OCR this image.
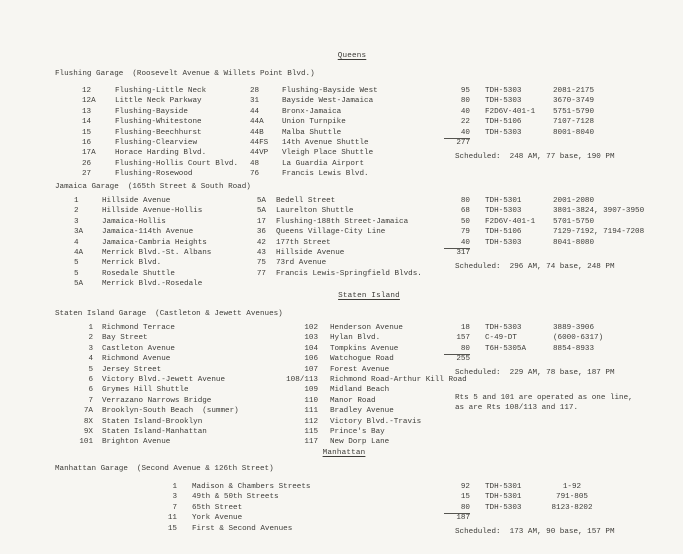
Queens
Staten Island
Manhattan
Flushing Garage (Roosevelt Avenue & Willets Point Blvd.)
12	Flushing-Little Neck
12A	Little Neck Parkway
13	Flushing-Bayside
14	Flushing-Whitestone
15	Flushing-Beechhurst
16	Flushing-Clearview
17A	Horace Harding Blvd.
26	Flushing-Hollis Court Blvd.
27	Flushing-Rosewood
28	Flushing-Bayside West
31	Bayside West-Jamaica
44	Bronx-Jamaica
44A Union Turnpike
44B Malba Shuttle
44FS 14th Avenue Shuttle
44VP Vleigh Place Shuttle
48	La Guardia Airport
76	Francis Lewis Blvd.
95 TDH-5303	2081-2175
80 TDH-5303	3670-3749
40 F2D6V-401-1 5751-5790
22 TDH-5106	7107-7128
40 TDH-5303	8001-8040
277
Scheduled:  248 AM, 77 base, 190 PM
Jamaica Garage (165th Street & South Road)
1	Hillside Avenue
2	Hillside Avenue-Hollis
3	Jamaica-Hollis
3A Jamaica-114th Avenue
4	Jamaica-Cambria Heights
4A Merrick Blvd.-St. Albans
5	Merrick Blvd.
5	Rosedale Shuttle
5A Merrick Blvd.-Rosedale
5A Bedell Street
5A Laurelton Shuttle
17 Flushing-188th Street-Jamaica
36 Queens Village-City Line
42 177th Street
43 Hillside Avenue
75 73rd Avenue
77 Francis Lewis-Springfield Blvds.
80 TDH-5301	2001-2080
68 TDH-5303	3801-3824, 3907-3950
50 F2D6V-401-1 5701-5750
79 TDH-5106	7129-7192, 7194-7208
40 TDH-5303	8041-8080
317
Scheduled:  296 AM, 74 base, 248 PM
Staten Island Garage (Castleton & Jewett Avenues)
1 Richmond Terrace
2 Bay Street
3 Castleton Avenue
4 Richmond Avenue
5 Jersey Street
6 Victory Blvd.-Jewett Avenue
6 Grymes Hill Shuttle
7 Verrazano Narrows Bridge
7A Brooklyn-South Beach  (summer)
8X Staten Island-Brooklyn
9X Staten Island-Manhattan
101 Brighton Avenue
102 Henderson Avenue
103 Hylan Blvd.
104 Tompkins Avenue
106 Watchogue Road
107 Forest Avenue
108/113 Richmond Road-Arthur Kill Road
109 Midland Beach
110 Manor Road
111 Bradley Avenue
112 Victory Blvd.-Travis
115 Prince's Bay
117 New Dorp Lane
18 TDH-5303	3889-3906
157 C-49-DT	(6000-6317)
80 T6H-5305A	8854-8933
255
Scheduled:  229 AM, 78 base, 187 PM
Rts 5 and 101 are operated as one line,
as are Rts 108/113 and 117.
Manhattan Garage (Second Avenue & 126th Street)
1 Madison & Chambers Streets
3 49th & 50th Streets
7 65th Street
11 York Avenue
15 First & Second Avenues
92 TDH-5301	1-92
15 TDH-5301	791-805
80 TDH-5303	8123-8202
187
Scheduled:  173 AM, 90 base, 157 PM
